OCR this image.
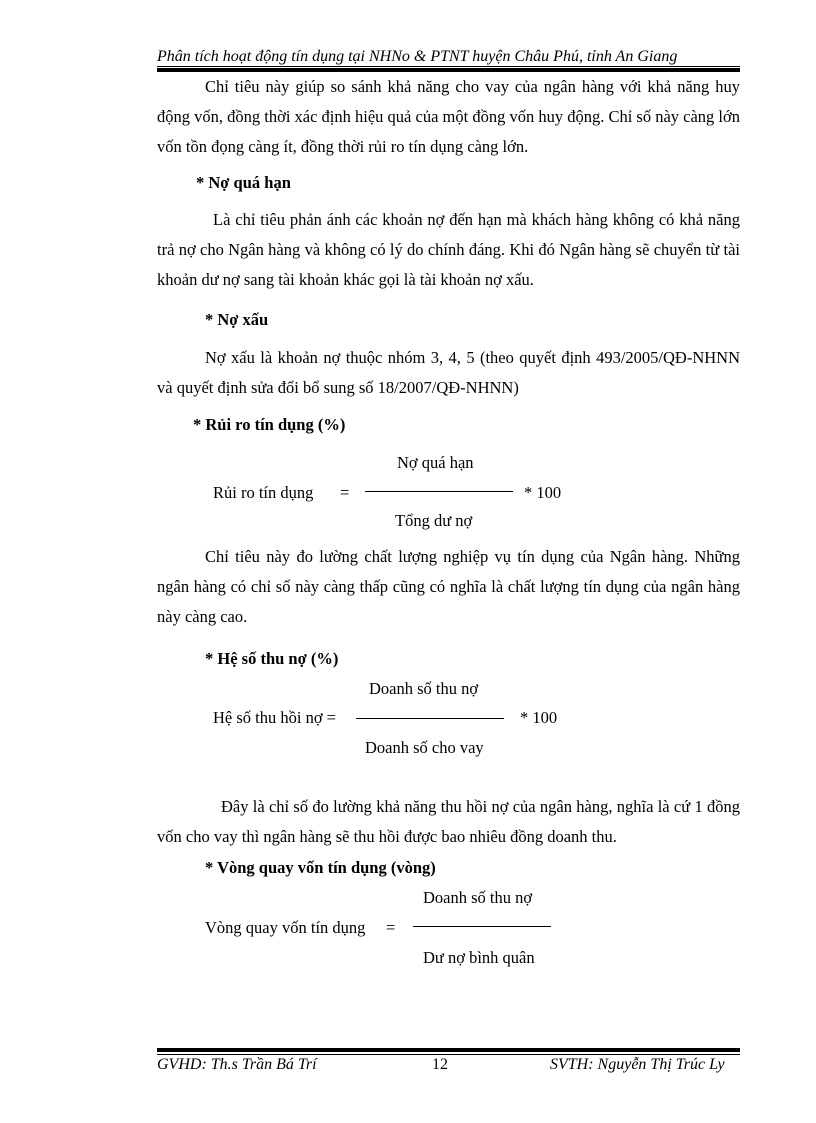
Phân tích hoạt động tín dụng tại NHNo & PTNT huyện Châu Phú, tỉnh An Giang
Chỉ tiêu này giúp so sánh khả năng cho vay của ngân hàng với khả năng huy động vốn, đồng thời xác định hiệu quả của một đồng vốn huy động. Chỉ số này càng lớn vốn tồn đọng càng ít, đồng thời rủi ro tín dụng càng lớn.
* Nợ quá hạn
Là chỉ tiêu phản ánh các khoản nợ đến hạn mà khách hàng không có khả năng trả nợ cho Ngân hàng và không có lý do chính đáng. Khi đó Ngân hàng sẽ chuyển từ tài khoản dư nợ sang tài khoản khác gọi là tài khoản nợ xấu.
* Nợ xấu
Nợ xấu là khoản nợ thuộc nhóm 3, 4, 5 (theo quyết định 493/2005/QĐ-NHNN và quyết định sửa đổi bổ sung số 18/2007/QĐ-NHNN)
* Rủi ro tín dụng (%)
Nợ quá hạn
Rủi ro tín dụng =	* 100
Tổng dư nợ
Chỉ tiêu này đo lường chất lượng nghiệp vụ tín dụng của Ngân hàng. Những ngân hàng có chỉ số này càng thấp cũng có nghĩa là chất lượng tín dụng của ngân hàng này càng cao.
* Hệ số thu nợ (%)
Doanh số thu nợ
Hệ số thu hồi nợ =	* 100
Doanh số cho vay
Đây là chỉ số đo lường khả năng thu hồi nợ của ngân hàng, nghĩa là cứ 1 đồng vốn cho vay thì ngân hàng sẽ thu hồi được bao nhiêu đồng doanh thu.
* Vòng quay vốn tín dụng (vòng)
Doanh số thu nợ
Vòng quay vốn tín dụng =
Dư nợ bình quân
GVHD: Th.s Trần Bá Trí	12	SVTH: Nguyễn Thị Trúc Ly
